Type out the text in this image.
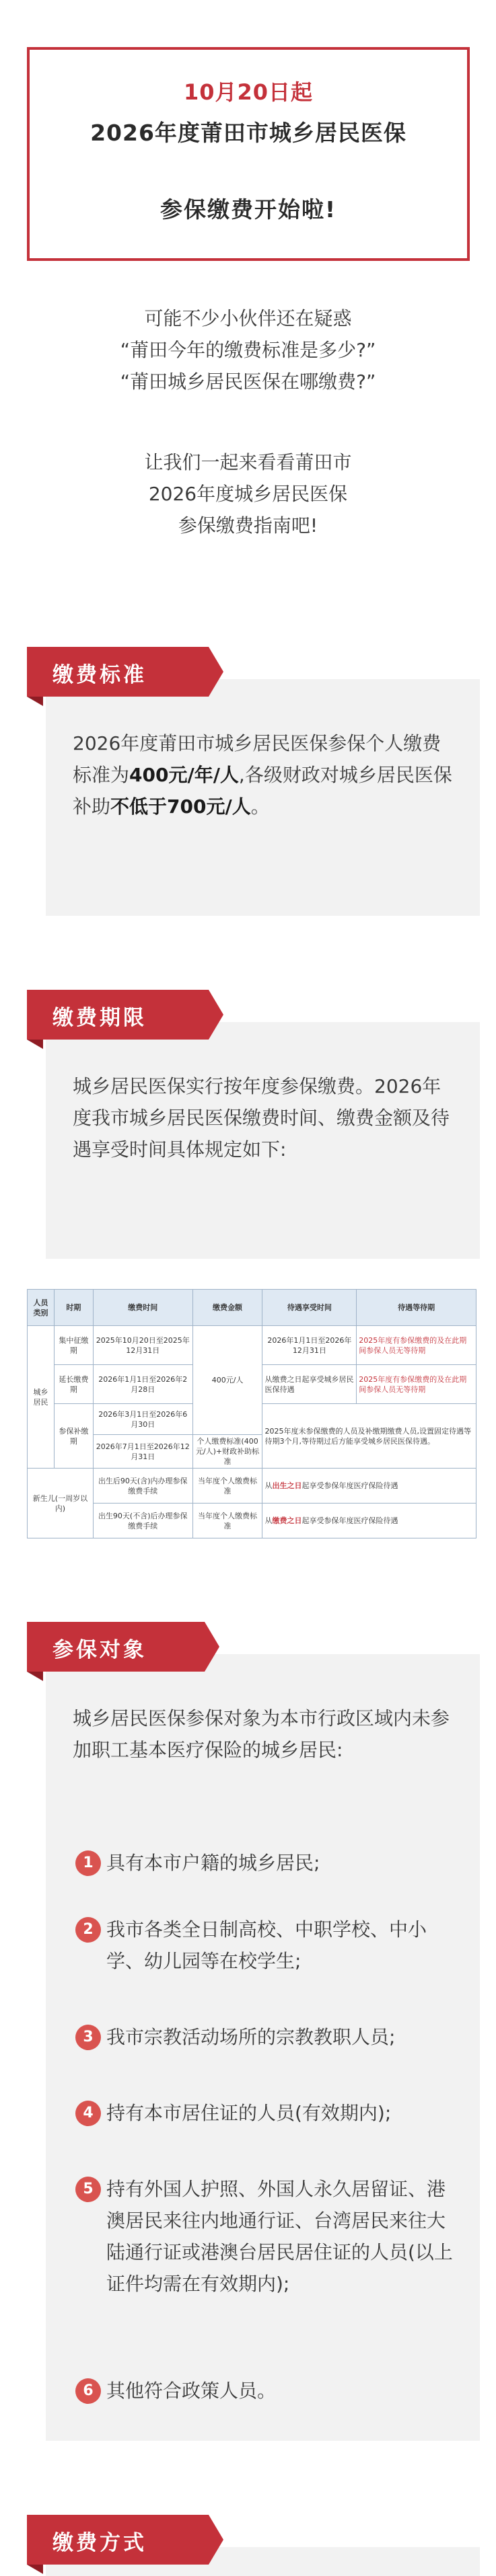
10月20日起
2026年度莆田市城乡居民医保
参保缴费开始啦!
可能不少小伙伴还在疑惑
“莆田今年的缴费标准是多少?”
“莆田城乡居民医保在哪缴费?”
让我们一起来看看莆田市
2026年度城乡居民医保
参保缴费指南吧!
缴费标准
2026年度莆田市城乡居民医保参保个人缴费标准为400元/年/人,各级财政对城乡居民医保补助不低于700元/人。
缴费期限
城乡居民医保实行按年度参保缴费。2026年度我市城乡居民医保缴费时间、缴费金额及待遇享受时间具体规定如下:
人员类别	时期	缴费时间	缴费金额	待遇享受时间	待遇等待期
城乡居民	集中征缴期	2025年10月20日至2025年12月31日	400元/人	2026年1月1日至2026年12月31日	2025年度有参保缴费的及在此期间参保人员无等待期
	延长缴费期	2026年1月1日至2026年2月28日		从缴费之日起享受城乡居民医保待遇	2025年度有参保缴费的及在此期间参保人员无等待期
	参保补缴期	2026年3月1日至2026年6月30日		2025年度未参保缴费的人员及补缴期缴费人员,设置固定待遇等待期3个月,等待期过后方能享受城乡居民医保待遇。	
		2026年7月1日至2026年12月31日	个人缴费标准(400元/人)+财政补助标准		
新生儿(一周岁以内)		出生后90天(含)内办理参保缴费手续	当年度个人缴费标准	从出生之日起享受参保年度医疗保险待遇	
		出生90天(不含)后办理参保缴费手续	当年度个人缴费标准	从缴费之日起享受参保年度医疗保险待遇	
参保对象
城乡居民医保参保对象为本市行政区域内未参加职工基本医疗保险的城乡居民:
1 具有本市户籍的城乡居民;
2 我市各类全日制高校、中职学校、中小学、幼儿园等在校学生;
3 我市宗教活动场所的宗教教职人员;
4 持有本市居住证的人员(有效期内);
5 持有外国人护照、外国人永久居留证、港澳居民来往内地通行证、台湾居民来往大陆通行证或港澳台居民居住证的人员(以上证件均需在有效期内);
6 其他符合政策人员。
缴费方式
